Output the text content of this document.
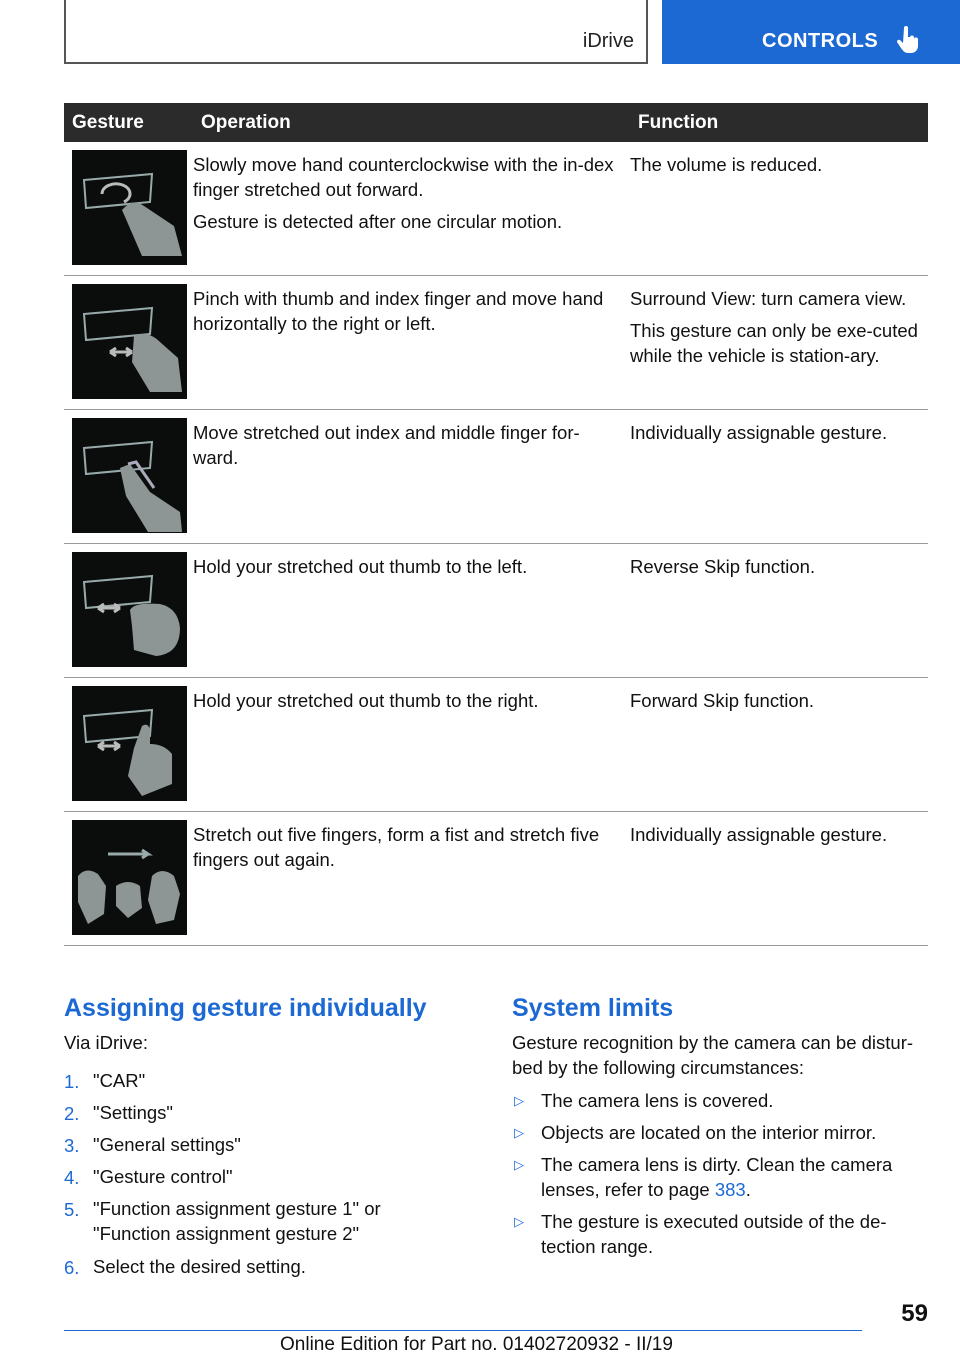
iDrive	CONTROLS
Gesture	Operation	Function

Slowly move hand counterclockwise with the in-dex finger stretched out forward.

Gesture is detected after one circular motion.	The volume is reduced.

Pinch with thumb and index finger and move hand horizontally to the right or left.	Surround View: turn camera view.

This gesture can only be exe-cuted while the vehicle is station-ary.

Move stretched out index and middle finger for-ward.	Individually assignable gesture.

Hold your stretched out thumb to the left.	Reverse Skip function.

Hold your stretched out thumb to the right.	Forward Skip function.

Stretch out five fingers, form a fist and stretch five fingers out again.	Individually assignable gesture.

Assigning gesture individually
Via iDrive:
1. "CAR"
2. "Settings"
3. "General settings"
4. "Gesture control"
5. "Function assignment gesture 1" or
"Function assignment gesture 2"
6. Select the desired setting.
System limits
Gesture recognition by the camera can be distur-
bed by the following circumstances:
▷ The camera lens is covered.
▷ Objects are located on the interior mirror.
▷ The camera lens is dirty. Clean the camera
lenses, refer to page 383.
▷ The gesture is executed outside of the de-
tection range.
59
Online Edition for Part no. 01402720932 - II/19
